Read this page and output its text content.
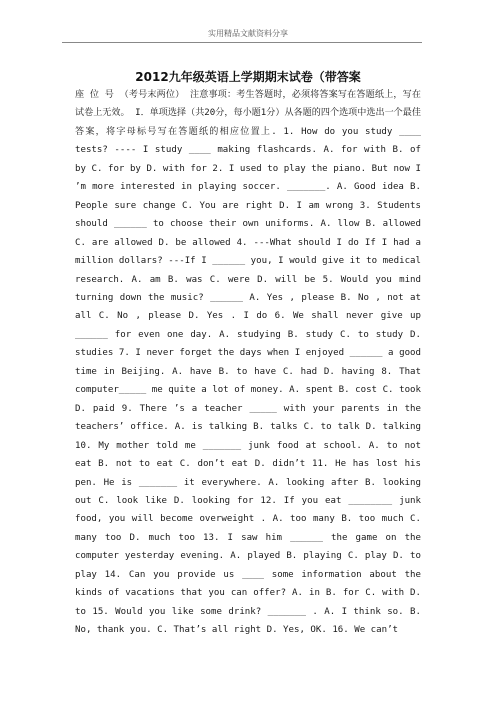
实用精品文献资料分享
2012九年级英语上学期期末试卷（带答案

座 位 号 （考号末两位） 注意事项：考生答题时，必须将答案写在答题纸上，写在试卷上无效。 I．单项选择（共20分，每小题1分）从各题的四个选项中选出一个最佳答案，将字母标号写在答题纸的相应位置上. 1. How do you study ____ tests? ---- I study ____ making flashcards. A. for with B. of by C. for by D. with for 2. I used to play the piano. But now I ’m more interested in playing soccer. _______. A. Good idea B. People sure change C. You are right D. I am wrong 3. Students should ______ to choose their own uniforms. A. llow B. allowed C. are allowed D. be allowed 4. ---What should I do If I had a million dollars? ---If I ______ you, I would give it to medical research. A. am B. was C. were D. will be 5. Would you mind turning down the music? ______ A. Yes , please B. No , not at all C. No , please D. Yes . I do 6. We shall never give up ______ for even one day. A. studying B. study C. to study D. studies 7. I never forget the days when I enjoyed ______ a good time in Beijing. A. have B. to have C. had D. having 8. That computer_____ me quite a lot of money. A. spent B. cost C. took D. paid 9. There ’s a teacher _____ with your parents in the teachers’ office. A. is talking B. talks C. to talk D. talking 10. My mother told me _______ junk food at school. A. to not eat B. not to eat C. don’t eat D. didn’t 11. He has lost his pen. He is _______ it everywhere. A. looking after B. looking out C. look like D. looking for 12. If you eat ________ junk food, you will become overweight . A. too many B. too much C. many too D. much too 13. I saw him ______ the game on the computer yesterday evening. A. played B. playing C. play D. to play 14. Can you provide us ____ some information about the kinds of vacations that you can offer? A. in B. for C. with D. to 15. Would you like some drink? _______ . A. I think so. B. No, thank you. C. That’s all right D. Yes, OK. 16. We can’t
